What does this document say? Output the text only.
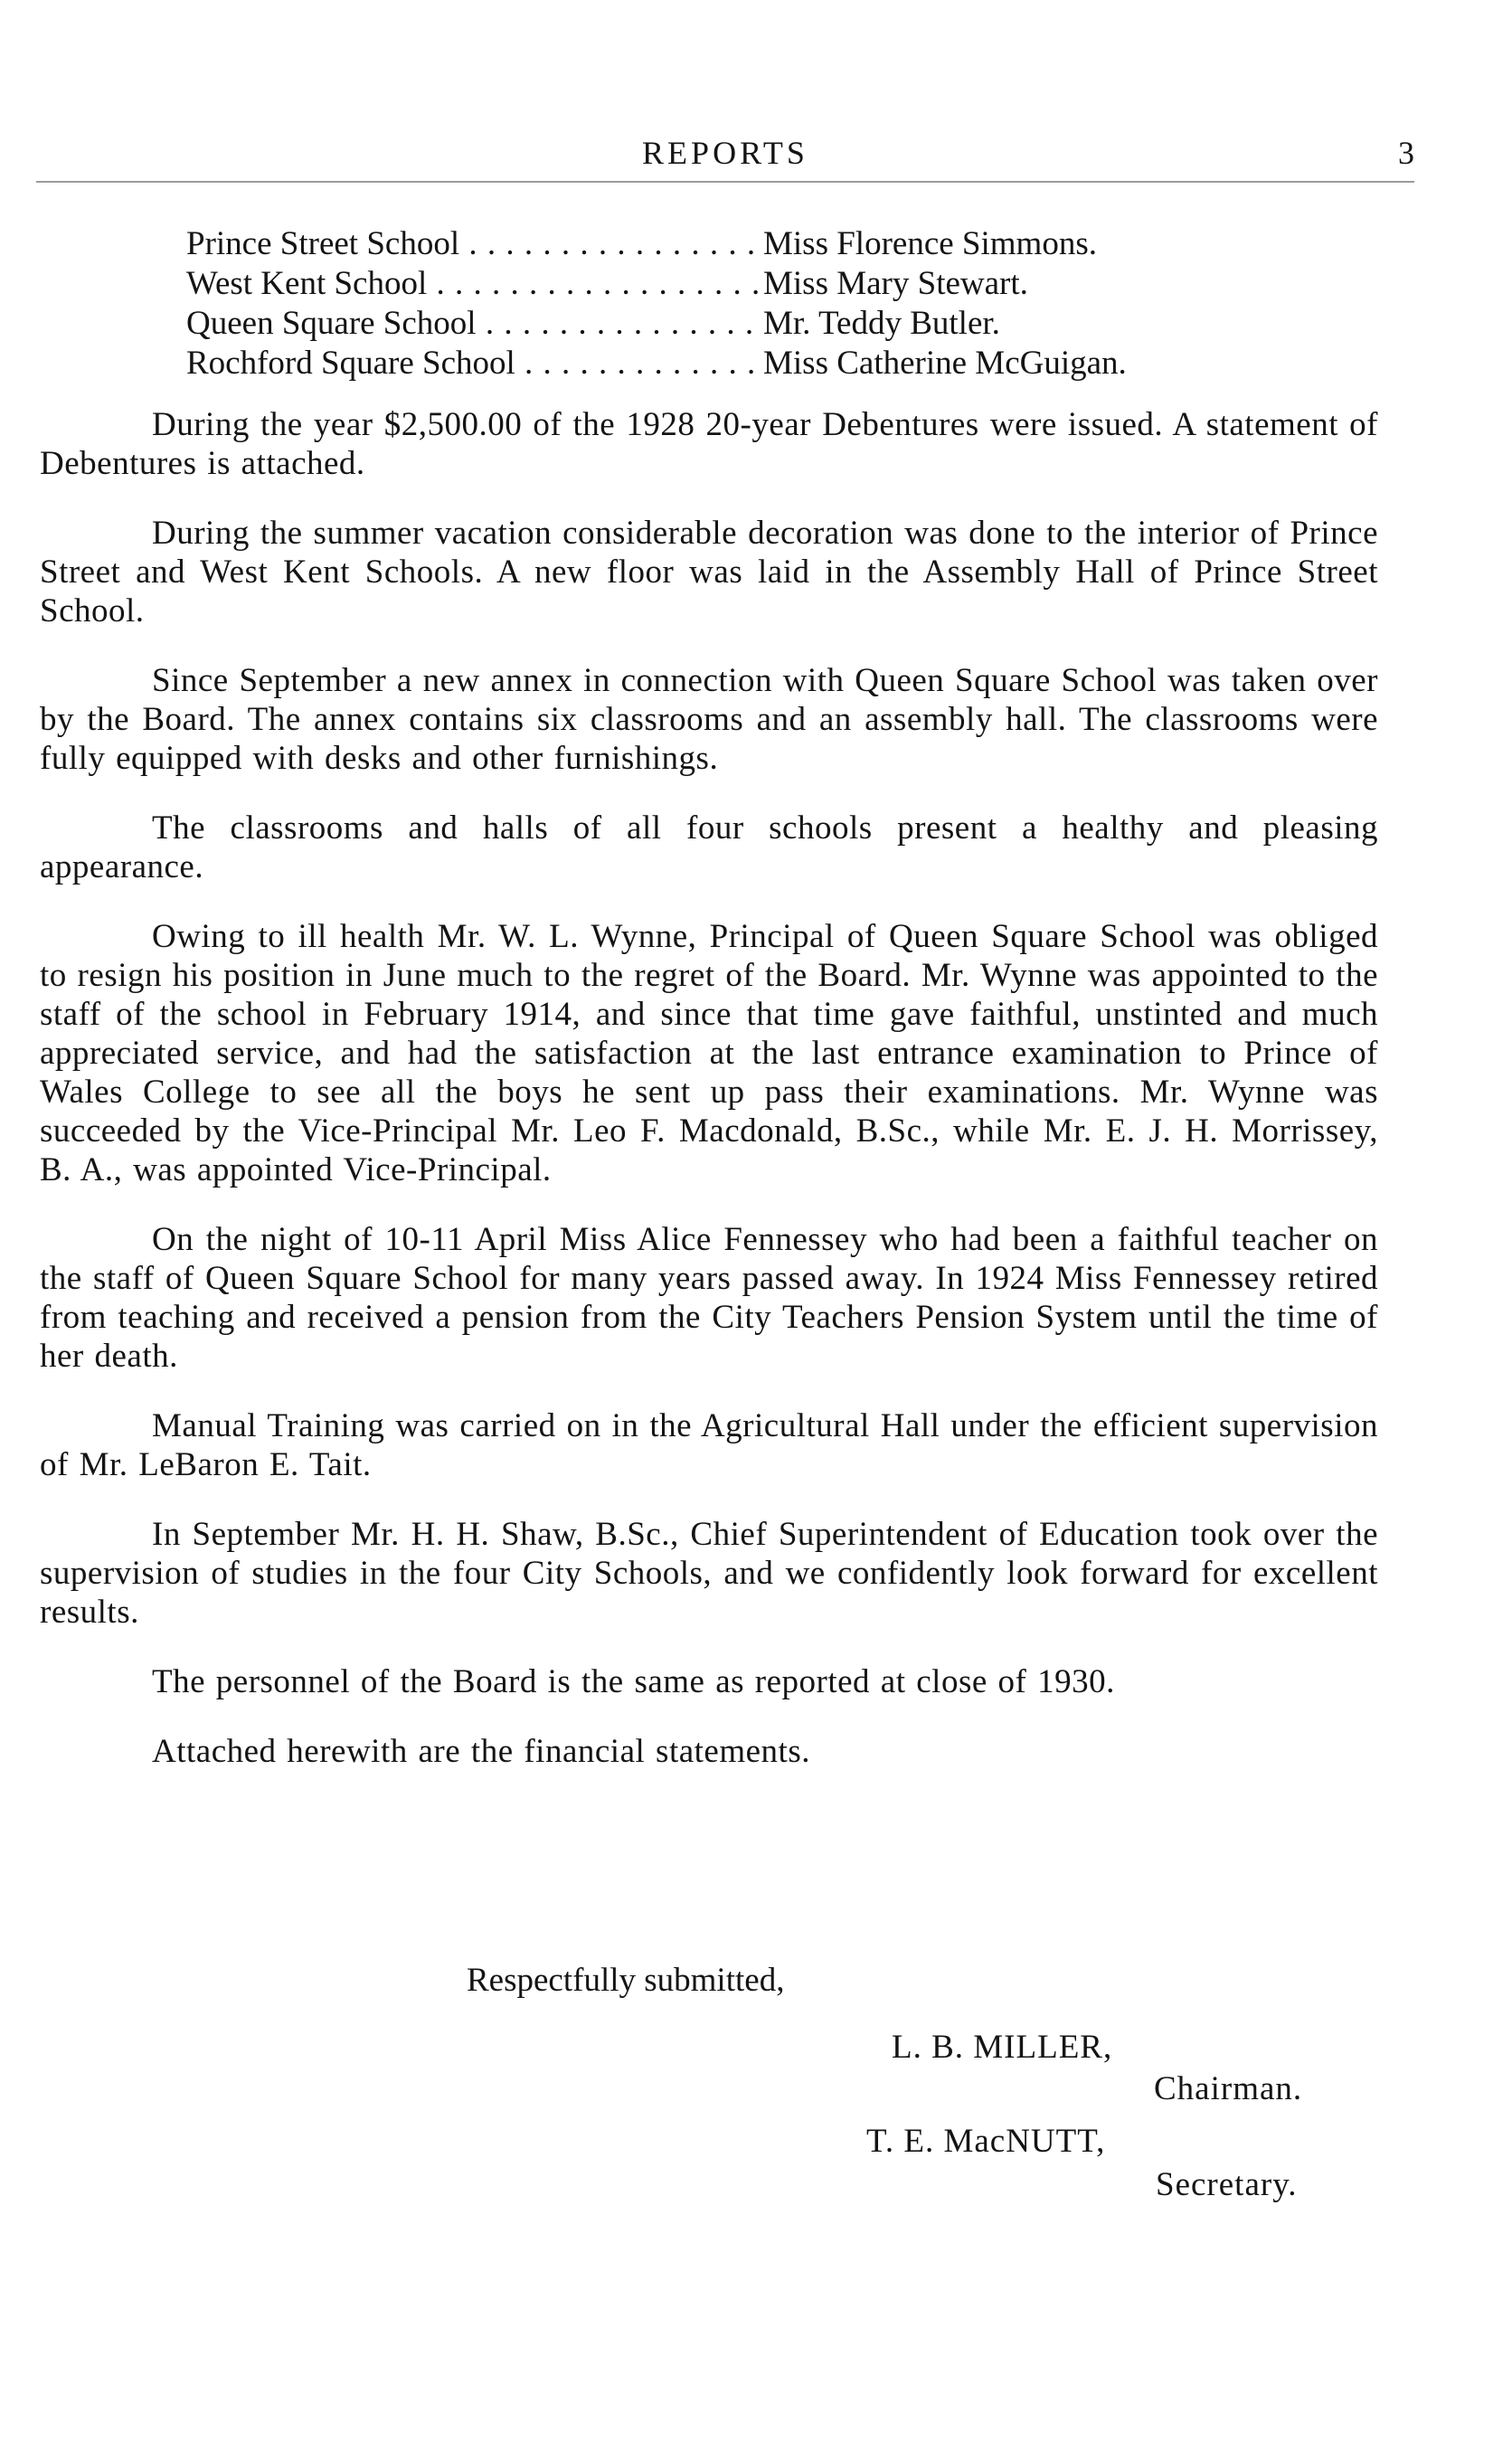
REPORTS	3
Prince Street School . . .	Miss Florence Simmons.
West Kent School . . .	Miss Mary Stewart.
Queen Square School . . .	Mr. Teddy Butler.
Rochford Square School . . .	Miss Catherine McGuigan.

During the year $2,500.00 of the 1928 20-year Debentures were issued. A statement of Debentures is attached.

During the summer vacation considerable decoration was done to the interior of Prince Street and West Kent Schools. A new floor was laid in the Assembly Hall of Prince Street School.

Since September a new annex in connection with Queen Square School was taken over by the Board. The annex contains six classrooms and an assembly hall. The classrooms were fully equipped with desks and other furnishings.

The classrooms and halls of all four schools present a healthy and pleasing appearance.

Owing to ill health Mr. W. L. Wynne, Principal of Queen Square School was obliged to resign his position in June much to the regret of the Board. Mr. Wynne was appointed to the staff of the school in February 1914, and since that time gave faithful, unstinted and much appreciated service, and had the satisfaction at the last entrance examination to Prince of Wales College to see all the boys he sent up pass their examinations. Mr. Wynne was succeeded by the Vice-Principal Mr. Leo F. Macdonald, B.Sc., while Mr. E. J. H. Morrissey, B. A., was appointed Vice-Principal.

On the night of 10-11 April Miss Alice Fennessey who had been a faithful teacher on the staff of Queen Square School for many years passed away. In 1924 Miss Fennessey retired from teaching and received a pension from the City Teachers Pension System until the time of her death.

Manual Training was carried on in the Agricultural Hall under the efficient supervision of Mr. LeBaron E. Tait.

In September Mr. H. H. Shaw, B.Sc., Chief Superintendent of Education took over the supervision of studies in the four City Schools, and we confidently look forward for excellent results.

The personnel of the Board is the same as reported at close of 1930.

Attached herewith are the financial statements.

Respectfully submitted,
L. B. MILLER,
Chairman.
T. E. MacNUTT,
Secretary.
